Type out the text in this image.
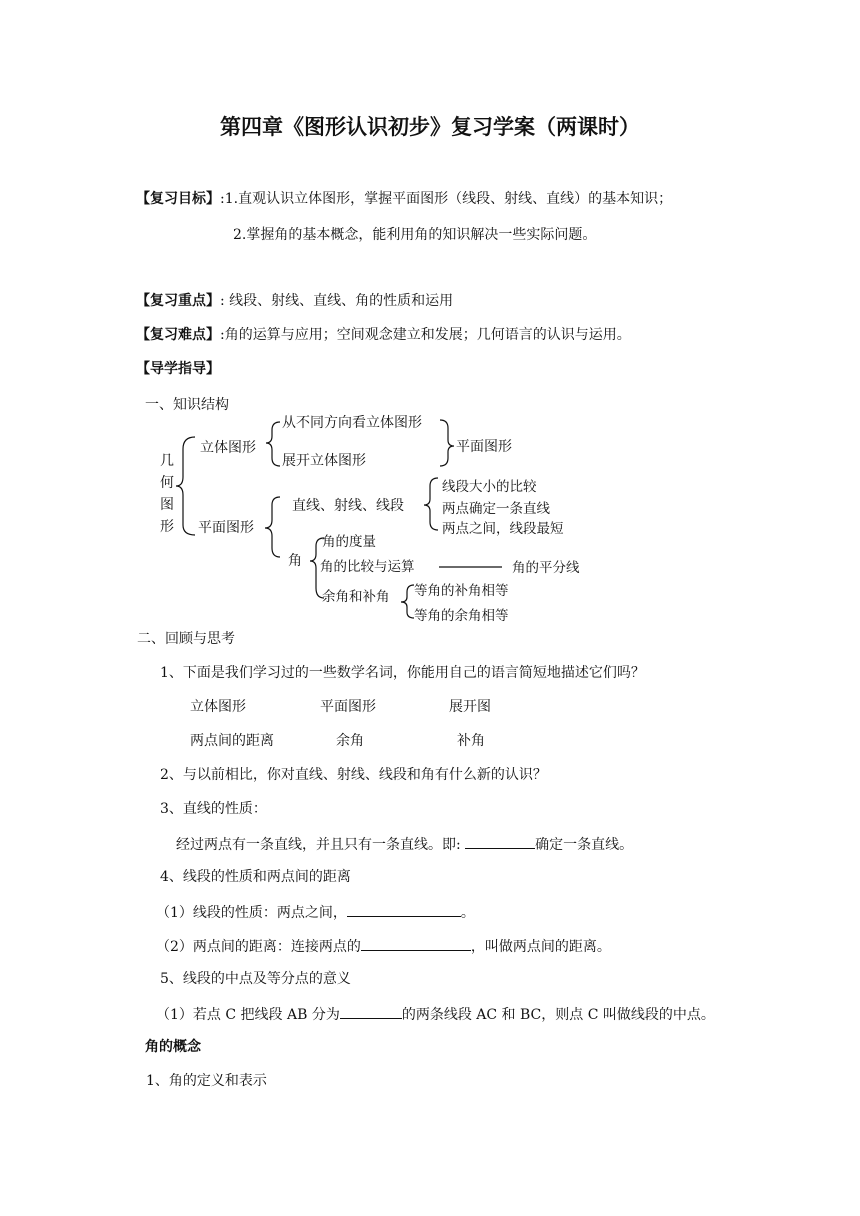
第四章《图形认识初步》复习学案（两课时）
【复习目标】:1.直观认识立体图形，掌握平面图形（线段、射线、直线）的基本知识；
2.掌握角的基本概念，能利用角的知识解决一些实际问题。
【复习重点】: 线段、射线、直线、角的性质和运用
【复习难点】:角的运算与应用；空间观念建立和发展；几何语言的认识与运用。
【导学指导】
一、知识结构
几
何
图
形
立体图形
从不同方向看立体图形
展开立体图形
平面图形
平面图形
直线、射线、线段
线段大小的比较
两点确定一条直线
两点之间，线段最短
角
角的度量
角的比较与运算
余角和补角
角的平分线
等角的补角相等
等角的余角相等
二、回顾与思考
1、下面是我们学习过的一些数学名词，你能用自己的语言简短地描述它们吗？
立体图形	平面图形	展开图
两点间的距离	余角	补角
2、与以前相比，你对直线、射线、线段和角有什么新的认识？
3、直线的性质：
经过两点有一条直线，并且只有一条直线。即:	确定一条直线。
4、线段的性质和两点间的距离
（1）线段的性质：两点之间，	。
（2）两点间的距离：连接两点的	，叫做两点间的距离。
5、线段的中点及等分点的意义
（1）若点 C 把线段 AB 分为	的两条线段 AC 和 BC，则点 C 叫做线段的中点。
角的概念
1、角的定义和表示
